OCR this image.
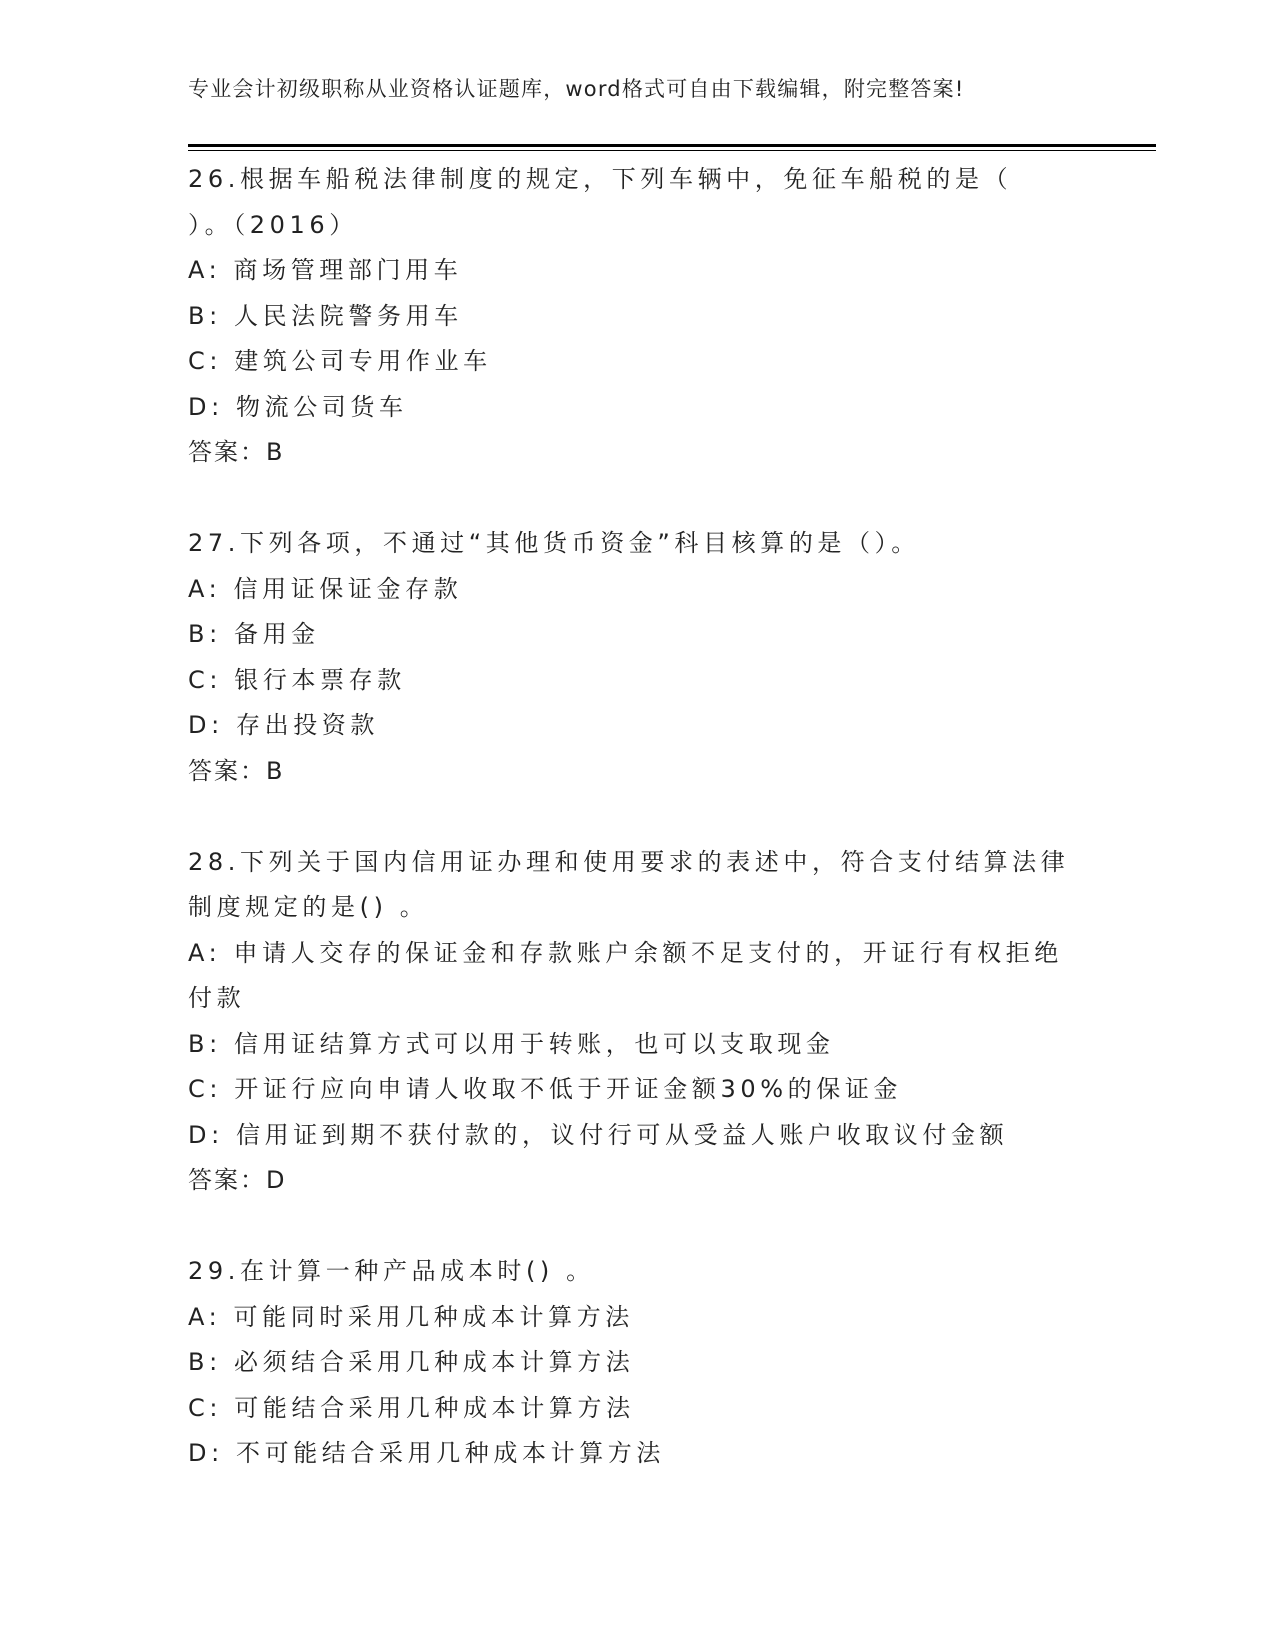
专业会计初级职称从业资格认证题库，word格式可自由下载编辑，附完整答案!
26.根据车船税法律制度的规定，下列车辆中，免征车船税的是（
）。（2016）
A: 商场管理部门用车
B: 人民法院警务用车
C: 建筑公司专用作业车
D: 物流公司货车
答案：B
27.下列各项，不通过“其他货币资金”科目核算的是（）。
A: 信用证保证金存款
B: 备用金
C: 银行本票存款
D: 存出投资款
答案：B
28.下列关于国内信用证办理和使用要求的表述中，符合支付结算法律
制度规定的是() 。
A: 申请人交存的保证金和存款账户余额不足支付的，开证行有权拒绝
付款
B: 信用证结算方式可以用于转账，也可以支取现金
C: 开证行应向申请人收取不低于开证金额30%的保证金
D: 信用证到期不获付款的，议付行可从受益人账户收取议付金额
答案：D
29.在计算一种产品成本时() 。
A: 可能同时采用几种成本计算方法
B: 必须结合采用几种成本计算方法
C: 可能结合采用几种成本计算方法
D: 不可能结合采用几种成本计算方法
